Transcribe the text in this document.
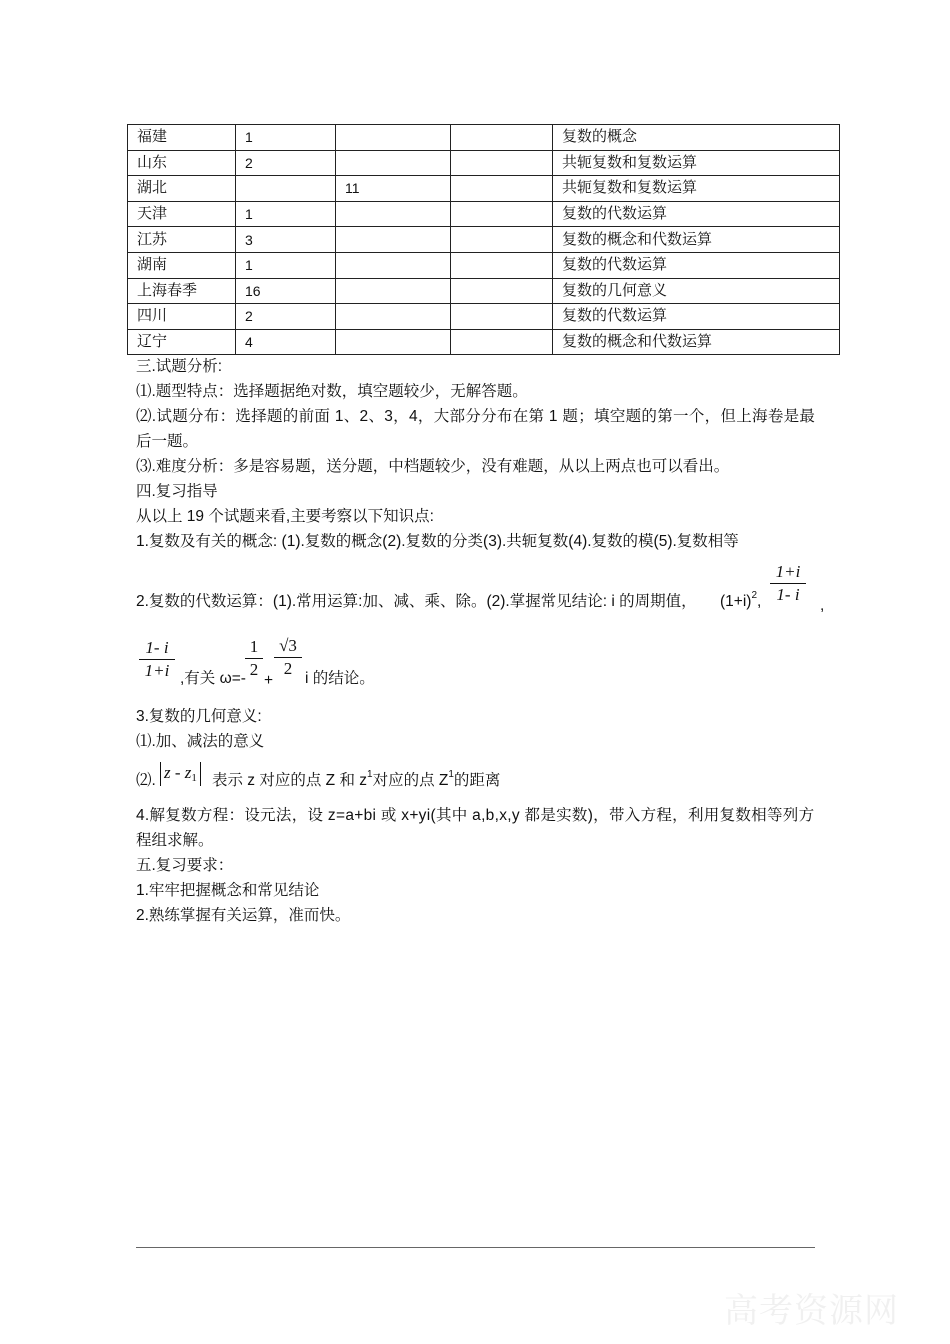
福建	1			复数的概念
山东	2			共轭复数和复数运算
湖北		11		共轭复数和复数运算
天津	1			复数的代数运算
江苏	3			复数的概念和代数运算
湖南	1			复数的代数运算
上海春季	16			复数的几何意义
四川	2			复数的代数运算
辽宁	4			复数的概念和代数运算
三.试题分析:
⑴.题型特点：选择题据绝对数，填空题较少，无解答题。
⑵.试题分布：选择题的前面 1、2、3，4，大部分分布在第 1 题；填空题的第一个，但上海卷是最
后一题。
⑶.难度分析：多是容易题，送分题，中档题较少，没有难题，从以上两点也可以看出。
四.复习指导
从以上 19 个试题来看,主要考察以下知识点:
1.复数及有关的概念: (1).复数的概念(2).复数的分类(3).共轭复数(4).复数的模(5).复数相等
2.复数的代数运算：(1).常用运算:加、减、乘、除。(2).掌握常见结论: i 的周期值， $(1+i)^2$,
1+i
1- i
,
1- i
1+i ,有关 ω=-
1
2
+
√3
2
i 的结论。
3.复数的几何意义:
⑴.加、减法的意义
⑵. z - z1 表示 z 对应的点 Z 和 $z^1$对应的点 $Z^1$的距离
4.解复数方程：设元法，设 z=a+bi 或 x+yi(其中 a,b,x,y 都是实数)，带入方程，利用复数相等列方
程组求解。
五.复习要求：
1.牢牢把握概念和常见结论
2.熟练掌握有关运算，准而快。
高考资源网
